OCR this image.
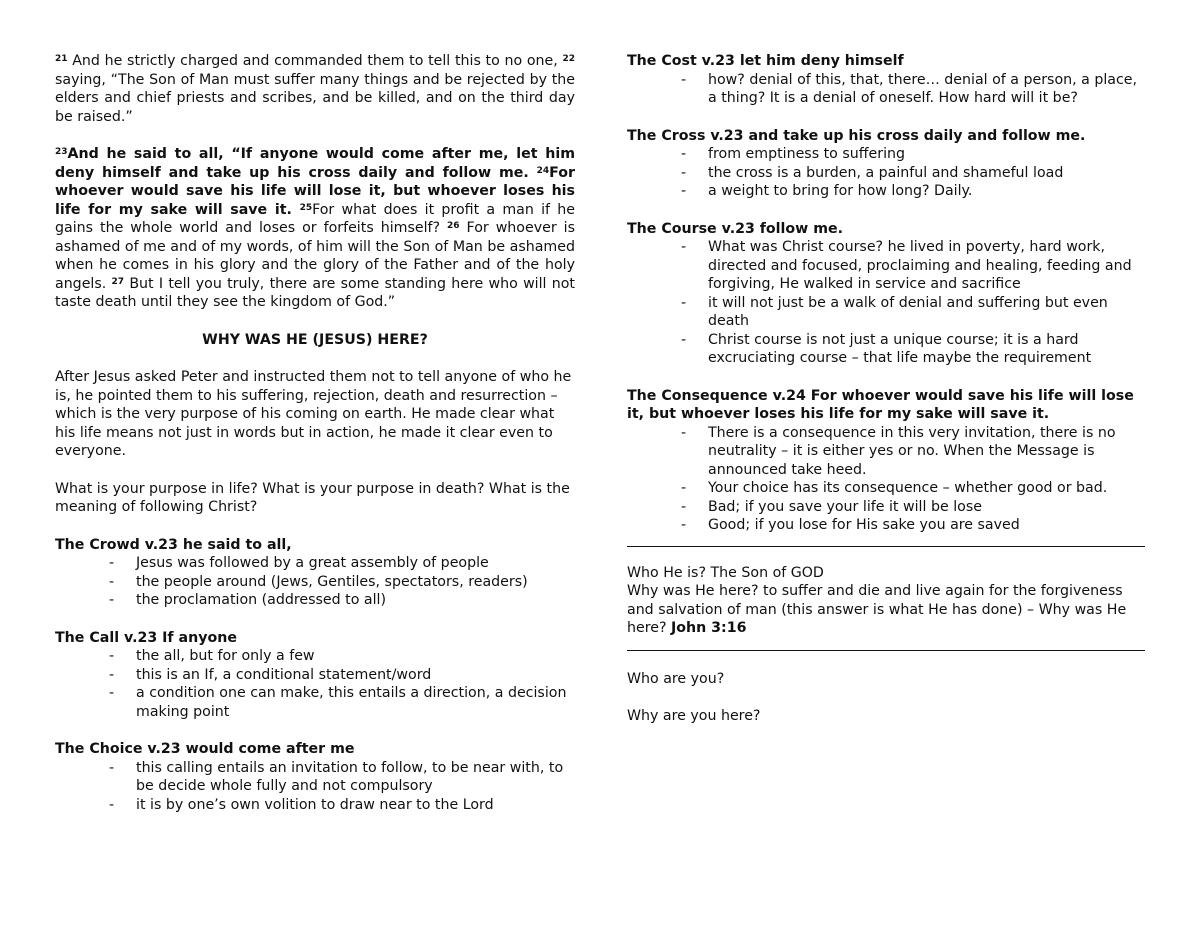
$^{21}$ And he strictly charged and commanded them to tell this to no one, $^{22}$ saying, “The Son of Man must suffer many things and be rejected by the elders and chief priests and scribes, and be killed, and on the third day be raised.”

$^{23}$And he said to all, “If anyone would come after me, let him deny himself and take up his cross daily and follow me. $^{24}$For whoever would save his life will lose it, but whoever loses his life for my sake will save it. $^{25}$For what does it profit a man if he gains the whole world and loses or forfeits himself? $^{26}$ For whoever is ashamed of me and of my words, of him will the Son of Man be ashamed when he comes in his glory and the glory of the Father and of the holy angels. $^{27}$ But I tell you truly, there are some standing here who will not taste death until they see the kingdom of God.”

WHY WAS HE (JESUS) HERE?

After Jesus asked Peter and instructed them not to tell anyone of who he is, he pointed them to his suffering, rejection, death and resurrection – which is the very purpose of his coming on earth. He made clear what his life means not just in words but in action, he made it clear even to everyone.

What is your purpose in life? What is your purpose in death? What is the meaning of following Christ?

The Crowd v.23 he said to all,

- Jesus was followed by a great assembly of people
- the people around (Jews, Gentiles, spectators, readers)
- the proclamation (addressed to all)

The Call v.23 If anyone

- the all, but for only a few
- this is an If, a conditional statement/word
- a condition one can make, this entails a direction, a decision making point

The Choice v.23 would come after me

- this calling entails an invitation to follow, to be near with, to be decide whole fully and not compulsory
- it is by one’s own volition to draw near to the Lord

The Cost v.23 let him deny himself

- how? denial of this, that, there… denial of a person, a place, a thing? It is a denial of oneself. How hard will it be?

The Cross v.23 and take up his cross daily and follow me.

- from emptiness to suffering
- the cross is a burden, a painful and shameful load
- a weight to bring for how long? Daily.

The Course v.23 follow me.

- What was Christ course? he lived in poverty, hard work, directed and focused, proclaiming and healing, feeding and forgiving, He walked in service and sacrifice
- it will not just be a walk of denial and suffering but even death
- Christ course is not just a unique course; it is a hard excruciating course – that life maybe the requirement

The Consequence v.24 For whoever would save his life will lose it, but whoever loses his life for my sake will save it.

- There is a consequence in this very invitation, there is no neutrality – it is either yes or no. When the Message is announced take heed.
- Your choice has its consequence – whether good or bad.
- Bad; if you save your life it will be lose
- Good; if you lose for His sake you are saved

Who He is? The Son of GOD

Why was He here? to suffer and die and live again for the forgiveness and salvation of man (this answer is what He has done) – Why was He here? John 3:16

Who are you?

Why are you here?
